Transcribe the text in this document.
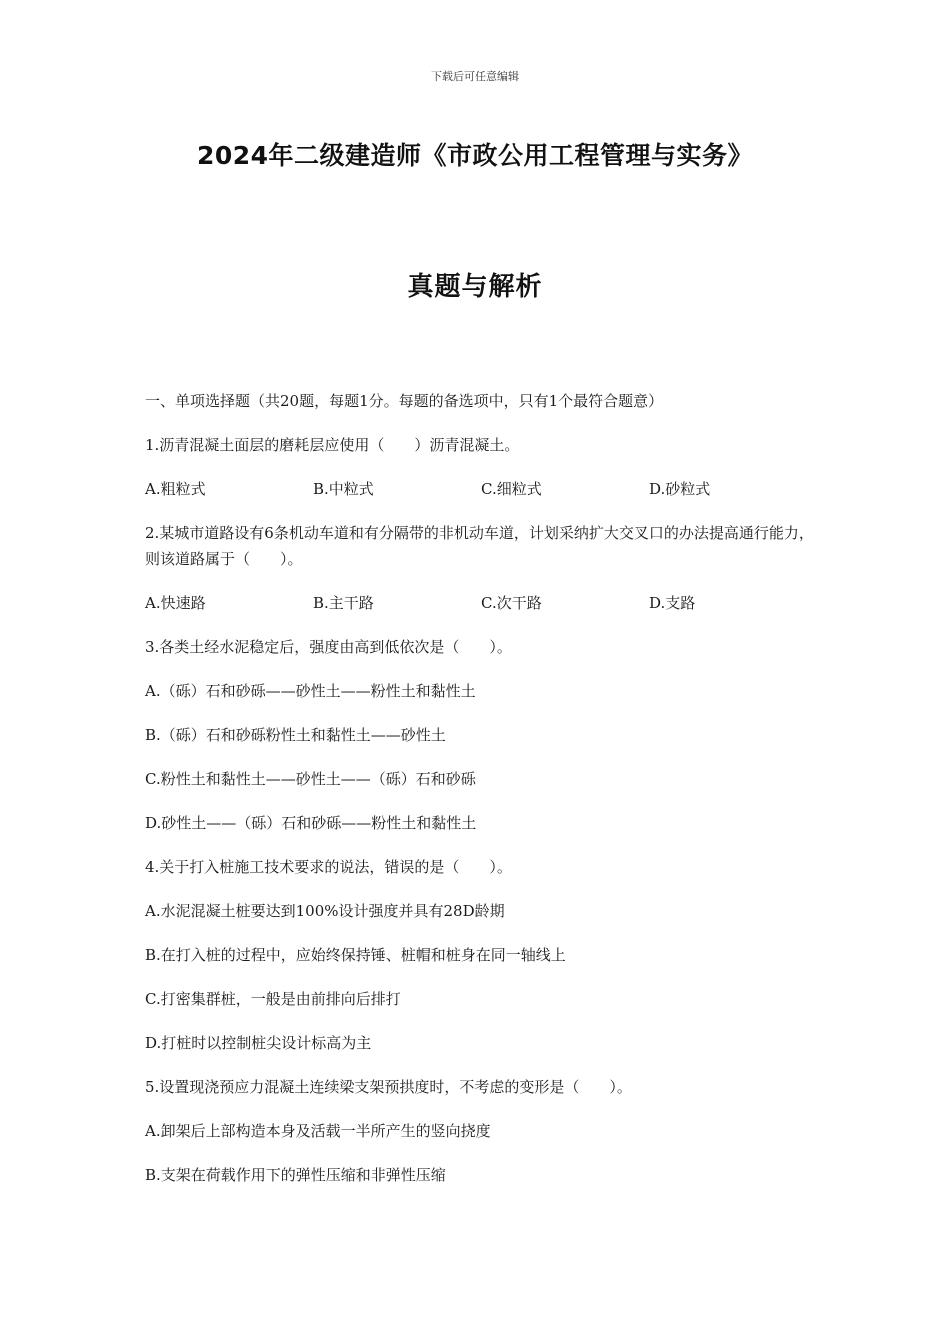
下载后可任意编辑
2024年二级建造师《市政公用工程管理与实务》
真题与解析
一、单项选择题（共20题，每题1分。每题的备选项中，只有1个最符合题意）
1.沥青混凝土面层的磨耗层应使用（　　）沥青混凝土。
A.粗粒式	B.中粒式	C.细粒式	D.砂粒式
2.某城市道路设有6条机动车道和有分隔带的非机动车道，计划采纳扩大交叉口的办法提高通行能力，则该道路属于（　　）。
A.快速路	B.主干路	C.次干路	D.支路
3.各类土经水泥稳定后，强度由高到低依次是（　　）。
A.（砾）石和砂砾——砂性土——粉性土和黏性土
B.（砾）石和砂砾粉性土和黏性土——砂性土
C.粉性土和黏性土——砂性土——（砾）石和砂砾
D.砂性土——（砾）石和砂砾——粉性土和黏性土
4.关于打入桩施工技术要求的说法，错误的是（　　）。
A.水泥混凝土桩要达到100%设计强度并具有28D龄期
B.在打入桩的过程中，应始终保持锤、桩帽和桩身在同一轴线上
C.打密集群桩，一般是由前排向后排打
D.打桩时以控制桩尖设计标高为主
5.设置现浇预应力混凝土连续梁支架预拱度时，不考虑的变形是（　　）。
A.卸架后上部构造本身及活载一半所产生的竖向挠度
B.支架在荷载作用下的弹性压缩和非弹性压缩
